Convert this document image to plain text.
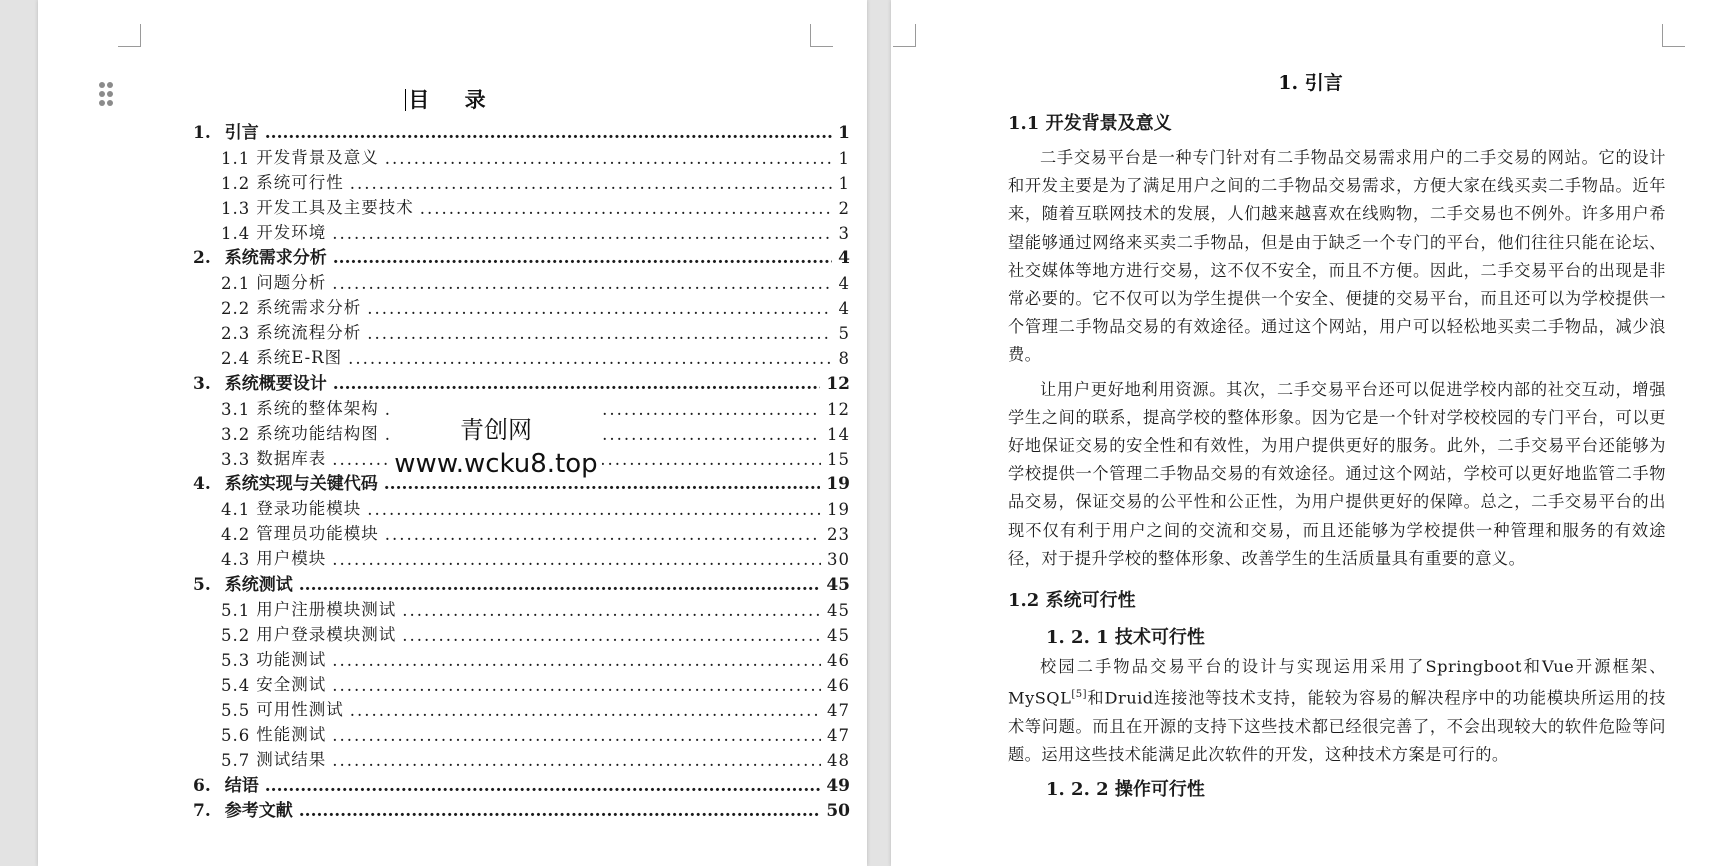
目 录
1. 引言 .....	1
1.1 开发背景及意义 .....	1
1.2 系统可行性 .....	1
1.3 开发工具及主要技术 .....	2
1.4 开发环境 .....	3
2. 系统需求分析 .....	4
2.1 问题分析 .....	4
2.2 系统需求分析 .....	4
2.3 系统流程分析 .....	5
2.4 系统E-R图 .....	8
3. 系统概要设计 .....	12
3.1 系统的整体架构 .....	12
3.2 系统功能结构图 .....	14
3.3 数据库表 .....	15
4. 系统实现与关键代码 .....	19
4.1 登录功能模块 .....	19
4.2 管理员功能模块 .....	23
4.3 用户模块 .....	30
5. 系统测试 .....	45
5.1 用户注册模块测试 .....	45
5.2 用户登录模块测试 .....	45
5.3 功能测试 .....	46
5.4 安全测试 .....	46
5.5 可用性测试 .....	47
5.6 性能测试 .....	47
5.7 测试结果 .....	48
6. 结语 .....	49
7. 参考文献 .....	50
青创网
www.wcku8.top
1. 引言
1.1 开发背景及意义

二手交易平台是一种专门针对有二手物品交易需求用户的二手交易的网站。它的设计和开发主要是为了满足用户之间的二手物品交易需求，方便大家在线买卖二手物品。近年来，随着互联网技术的发展，人们越来越喜欢在线购物，二手交易也不例外。许多用户希望能够通过网络来买卖二手物品，但是由于缺乏一个专门的平台，他们往往只能在论坛、社交媒体等地方进行交易，这不仅不安全，而且不方便。因此，二手交易平台的出现是非常必要的。它不仅可以为学生提供一个安全、便捷的交易平台，而且还可以为学校提供一个管理二手物品交易的有效途径。通过这个网站，用户可以轻松地买卖二手物品，减少浪费。

让用户更好地利用资源。其次，二手交易平台还可以促进学校内部的社交互动，增强学生之间的联系，提高学校的整体形象。因为它是一个针对学校校园的专门平台，可以更好地保证交易的安全性和有效性，为用户提供更好的服务。此外，二手交易平台还能够为学校提供一个管理二手物品交易的有效途径。通过这个网站，学校可以更好地监管二手物品交易，保证交易的公平性和公正性，为用户提供更好的保障。总之，二手交易平台的出现不仅有利于用户之间的交流和交易，而且还能够为学校提供一种管理和服务的有效途径，对于提升学校的整体形象、改善学生的生活质量具有重要的意义。

1.2 系统可行性
1. 2. 1 技术可行性

校园二手物品交易平台的设计与实现运用采用了Springboot和Vue开源框架、MySQL[5]和Druid连接池等技术支持，能较为容易的解决程序中的功能模块所运用的技术等问题。而且在开源的支持下这些技术都已经很完善了，不会出现较大的软件危险等问题。运用这些技术能满足此次软件的开发，这种技术方案是可行的。

1. 2. 2 操作可行性
